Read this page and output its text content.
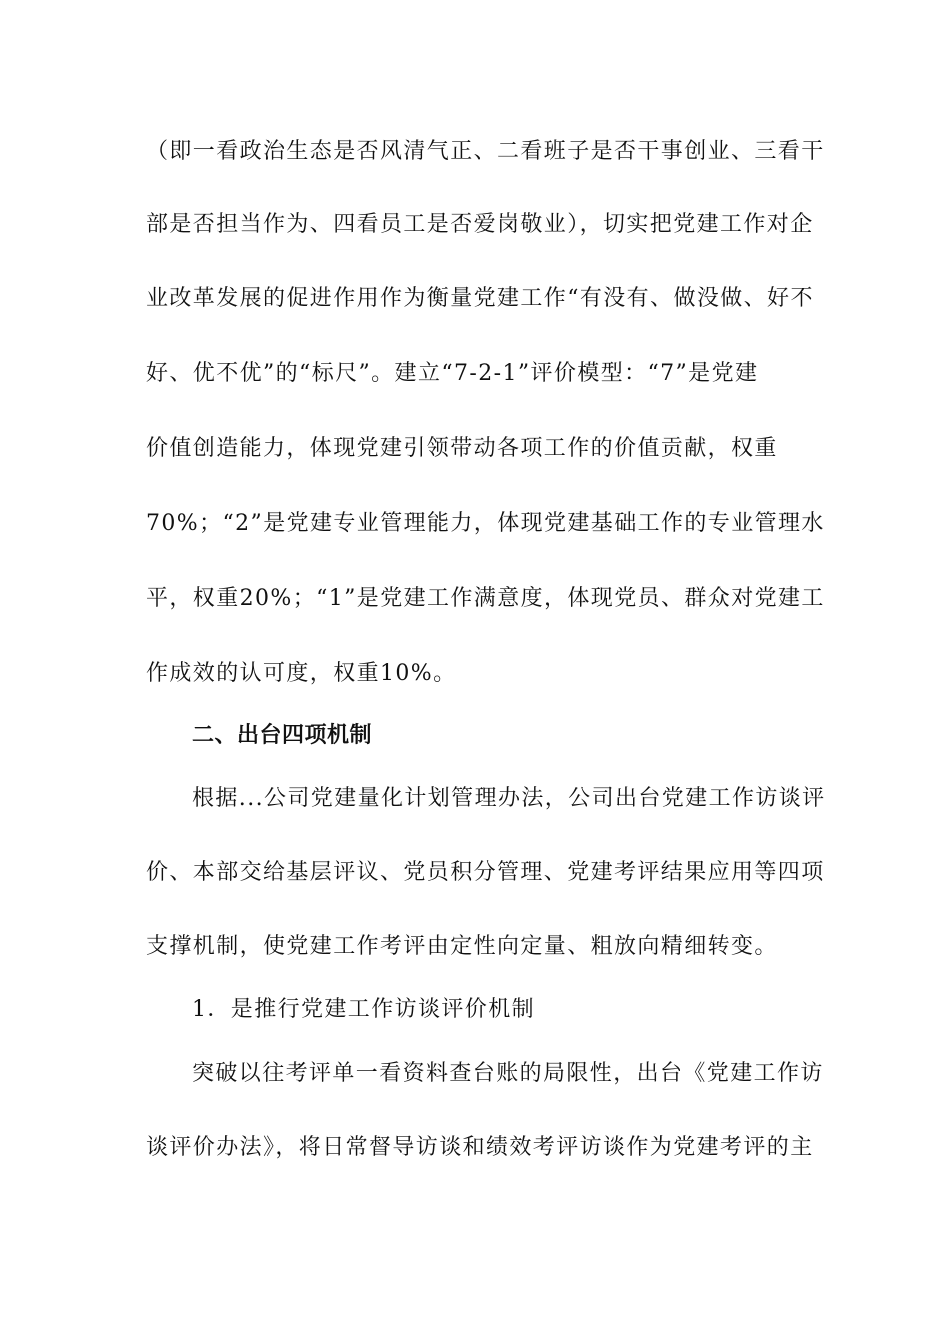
（即一看政治生态是否风清气正、二看班子是否干事创业、三看干
部是否担当作为、四看员工是否爱岗敬业），切实把党建工作对企
业改革发展的促进作用作为衡量党建工作“有没有、做没做、好不
好、优不优”的“标尺”。建立“7-2-1”评价模型：“7”是党建
价值创造能力，体现党建引领带动各项工作的价值贡献，权重
70%；“2”是党建专业管理能力，体现党建基础工作的专业管理水
平，权重20%；“1”是党建工作满意度，体现党员、群众对党建工
作成效的认可度，权重10%。
二、出台四项机制
根据...公司党建量化计划管理办法，公司出台党建工作访谈评
价、本部交给基层评议、党员积分管理、党建考评结果应用等四项
支撑机制，使党建工作考评由定性向定量、粗放向精细转变。
1．是推行党建工作访谈评价机制
突破以往考评单一看资料查台账的局限性，出台《党建工作访
谈评价办法》，将日常督导访谈和绩效考评访谈作为党建考评的主
